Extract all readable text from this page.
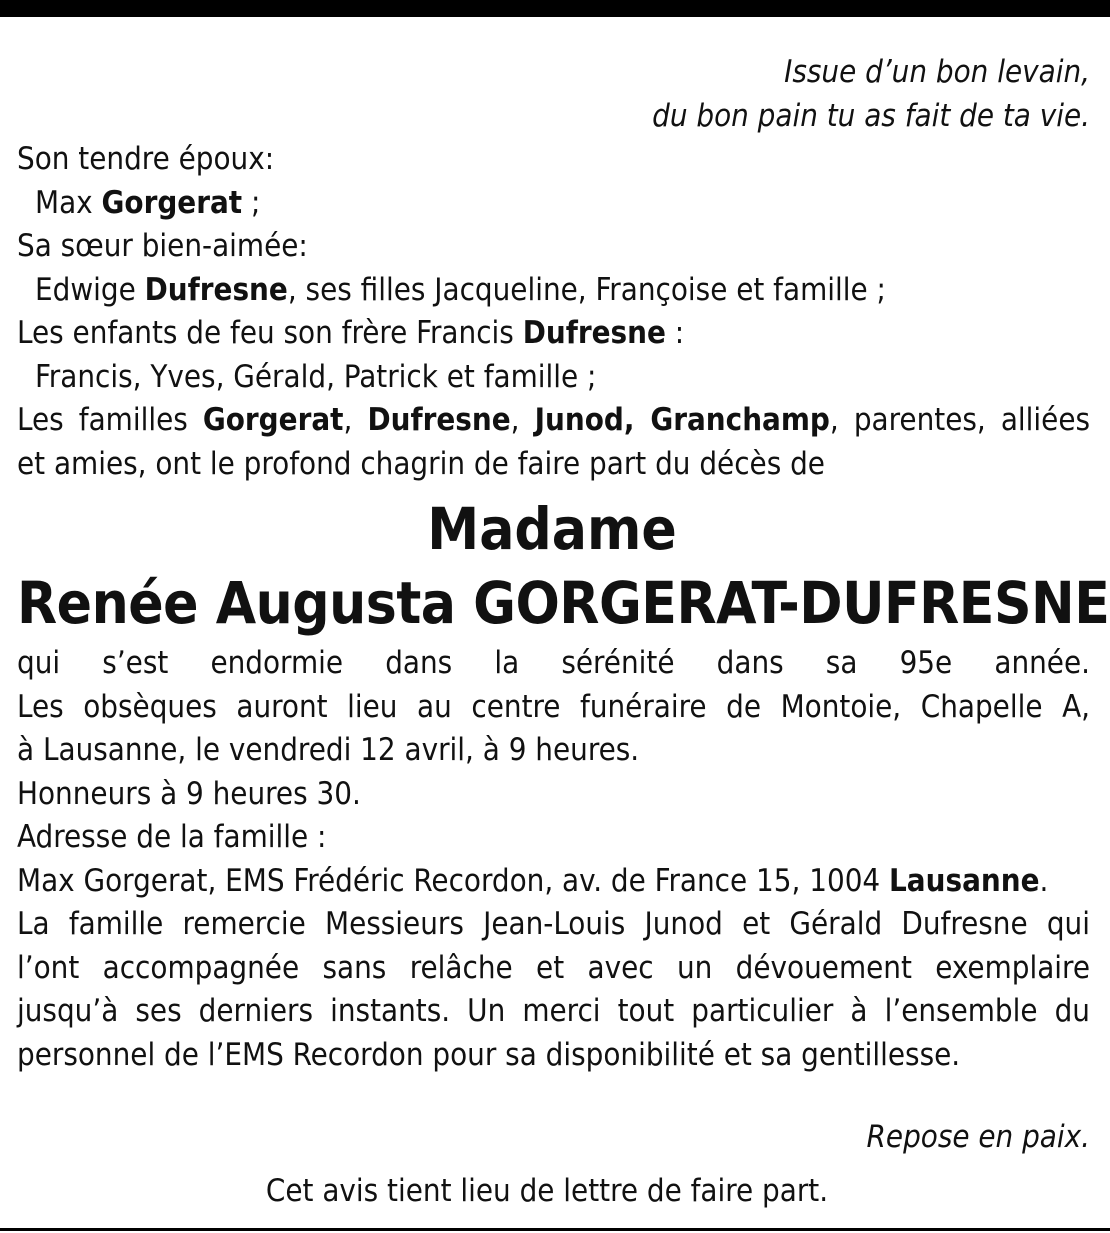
Issue d’un bon levain,
du bon pain tu as fait de ta vie.
Son tendre époux:
Max Gorgerat ;
Sa sœur bien-aimée:
Edwige Dufresne, ses filles Jacqueline, Françoise et famille ;
Les enfants de feu son frère Francis Dufresne :
Francis, Yves, Gérald, Patrick et famille ;
Les familles Gorgerat, Dufresne, Junod, Granchamp, parentes, alliées
et amies, ont le profond chagrin de faire part du décès de
Madame
Renée Augusta GORGERAT-DUFRESNE
qui s’est endormie dans la sérénité dans sa 95e année.
Les obsèques auront lieu au centre funéraire de Montoie, Chapelle A,
à Lausanne, le vendredi 12 avril, à 9 heures.
Honneurs à 9 heures 30.
Adresse de la famille :
Max Gorgerat, EMS Frédéric Recordon, av. de France 15, 1004 Lausanne.
La famille remercie Messieurs Jean-Louis Junod et Gérald Dufresne qui
l’ont accompagnée sans relâche et avec un dévouement exemplaire
jusqu’à ses derniers instants. Un merci tout particulier à l’ensemble du
personnel de l’EMS Recordon pour sa disponibilité et sa gentillesse.
Repose en paix.
Cet avis tient lieu de lettre de faire part.
